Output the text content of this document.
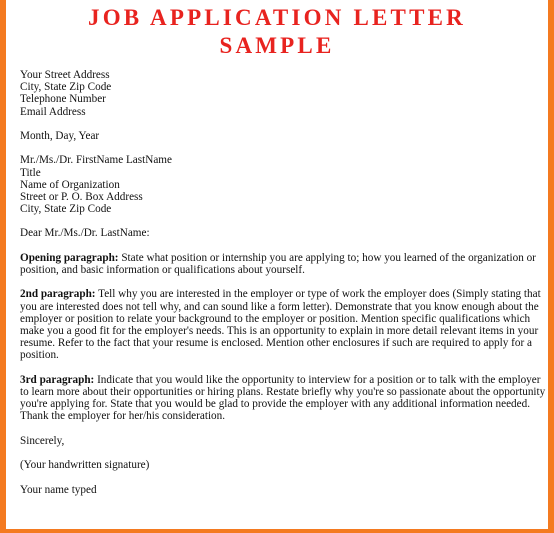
JOB APPLICATION LETTER
SAMPLE
Your Street Address
City, State Zip Code
Telephone Number
Email Address
Month, Day, Year
Mr./Ms./Dr. FirstName LastName
Title
Name of Organization
Street or P. O. Box Address
City, State Zip Code
Dear Mr./Ms./Dr. LastName:

Opening paragraph: State what position or internship you are applying to; how you learned of the organization or position, and basic information or qualifications about yourself.

2nd paragraph: Tell why you are interested in the employer or type of work the employer does (Simply stating that you are interested does not tell why, and can sound like a form letter). Demonstrate that you know enough about the employer or position to relate your background to the employer or position. Mention specific qualifications which make you a good fit for the employer's needs. This is an opportunity to explain in more detail relevant items in your resume. Refer to the fact that your resume is enclosed. Mention other enclosures if such are required to apply for a position.

3rd paragraph: Indicate that you would like the opportunity to interview for a position or to talk with the employer to learn more about their opportunities or hiring plans. Restate briefly why you're so passionate about the opportunity you're applying for. State that you would be glad to provide the employer with any additional information needed. Thank the employer for her/his consideration.

Sincerely,
(Your handwritten signature)
Your name typed
